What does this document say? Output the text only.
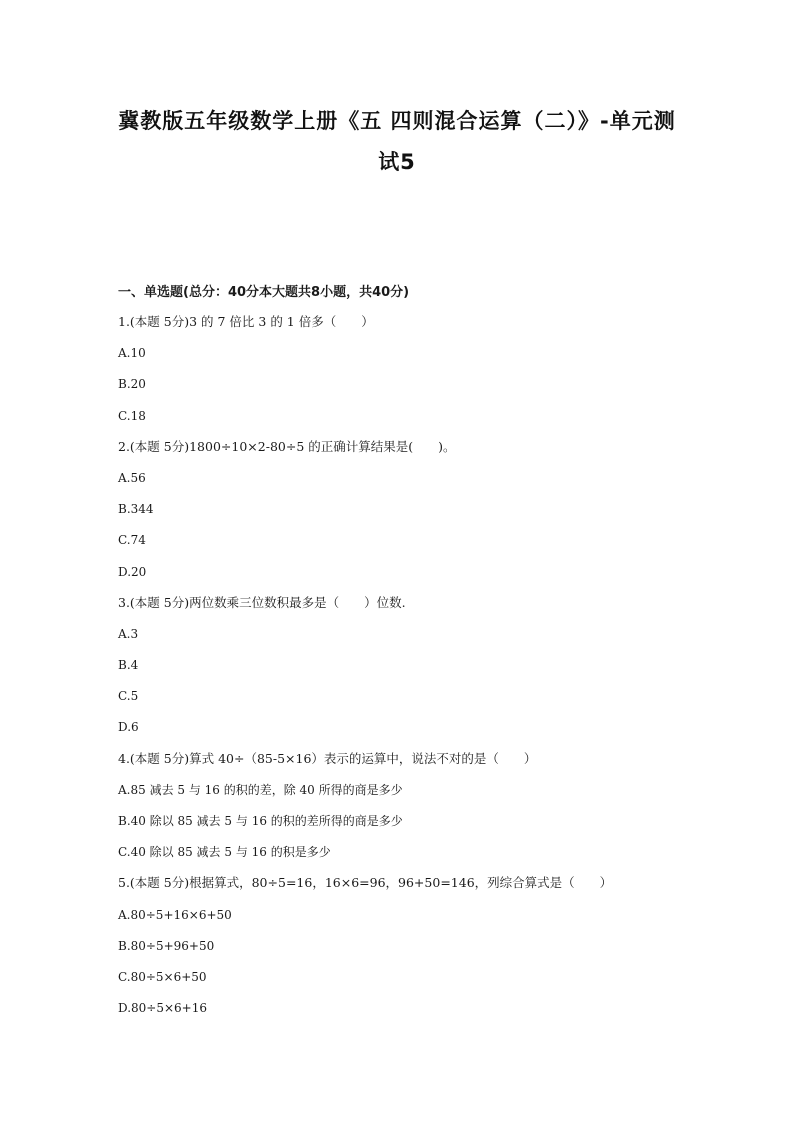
冀教版五年级数学上册《五 四则混合运算（二）》-单元测
试5
一、单选题(总分：40分本大题共8小题，共40分)
1.(本题 5分)3 的 7 倍比 3 的 1 倍多（　　）
A.10
B.20
C.18
2.(本题 5分)1800÷10×2-80÷5 的正确计算结果是(　　)。
A.56
B.344
C.74
D.20
3.(本题 5分)两位数乘三位数积最多是（　　）位数.
A.3
B.4
C.5
D.6
4.(本题 5分)算式 40÷（85-5×16）表示的运算中，说法不对的是（　　）
A.85 减去 5 与 16 的积的差，除 40 所得的商是多少
B.40 除以 85 减去 5 与 16 的积的差所得的商是多少
C.40 除以 85 减去 5 与 16 的积是多少
5.(本题 5分)根据算式，80÷5=16，16×6=96，96+50=146，列综合算式是（　　）
A.80÷5+16×6+50
B.80÷5+96+50
C.80÷5×6+50
D.80÷5×6+16
